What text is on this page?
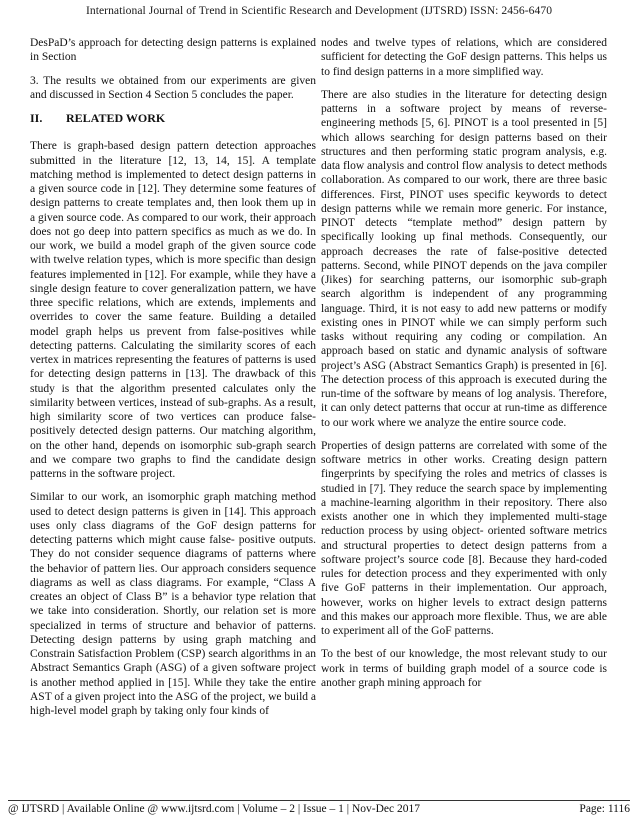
International Journal of Trend in Scientific Research and Development (IJTSRD) ISSN: 2456-6470

DesPaD’s approach for detecting design patterns is explained in Section

3. The results we obtained from our experiments are given and discussed in Section 4 Section 5 concludes the paper.

II.	RELATED WORK

There is graph-based design pattern detection approaches submitted in the literature [12, 13, 14, 15]. A template matching method is implemented to detect design patterns in a given source code in [12]. They determine some features of design patterns to create templates and, then look them up in a given source code. As compared to our work, their approach does not go deep into pattern specifics as much as we do. In our work, we build a model graph of the given source code with twelve relation types, which is more specific than design features implemented in [12]. For example, while they have a single design feature to cover generalization pattern, we have three specific relations, which are extends, implements and overrides to cover the same feature. Building a detailed model graph helps us prevent from false-positives while detecting patterns. Calculating the similarity scores of each vertex in matrices representing the features of patterns is used for detecting design patterns in [13]. The drawback of this study is that the algorithm presented calculates only the similarity between vertices, instead of sub-graphs. As a result, high similarity score of two vertices can produce false-positively detected design patterns. Our matching algorithm, on the other hand, depends on isomorphic sub-graph search and we compare two graphs to find the candidate design patterns in the software project.

Similar to our work, an isomorphic graph matching method used to detect design patterns is given in [14]. This approach uses only class diagrams of the GoF design patterns for detecting patterns which might cause false- positive outputs. They do not consider sequence diagrams of patterns where the behavior of pattern lies. Our approach considers sequence diagrams as well as class diagrams. For example, “Class A creates an object of Class B” is a behavior type relation that we take into consideration. Shortly, our relation set is more specialized in terms of structure and behavior of patterns. Detecting design patterns by using graph matching and Constrain Satisfaction Problem (CSP) search algorithms in an Abstract Semantics Graph (ASG) of a given software project is another method applied in [15]. While they take the entire AST of a given project into the ASG of the project, we build a high-level model graph by taking only four kinds of

nodes and twelve types of relations, which are considered sufficient for detecting the GoF design patterns. This helps us to find design patterns in a more simplified way.

There are also studies in the literature for detecting design patterns in a software project by means of reverse- engineering methods [5, 6]. PINOT is a tool presented in [5] which allows searching for design patterns based on their structures and then performing static program analysis, e.g. data flow analysis and control flow analysis to detect methods collaboration. As compared to our work, there are three basic differences. First, PINOT uses specific keywords to detect design patterns while we remain more generic. For instance, PINOT detects “template method” design pattern by specifically looking up final methods. Consequently, our approach decreases the rate of false-positive detected patterns. Second, while PINOT depends on the java compiler (Jikes) for searching patterns, our isomorphic sub-graph search algorithm is independent of any programming language. Third, it is not easy to add new patterns or modify existing ones in PINOT while we can simply perform such tasks without requiring any coding or compilation. An approach based on static and dynamic analysis of software project’s ASG (Abstract Semantics Graph) is presented in [6]. The detection process of this approach is executed during the run-time of the software by means of log analysis. Therefore, it can only detect patterns that occur at run-time as difference to our work where we analyze the entire source code.

Properties of design patterns are correlated with some of the software metrics in other works. Creating design pattern fingerprints by specifying the roles and metrics of classes is studied in [7]. They reduce the search space by implementing a machine-learning algorithm in their repository. There also exists another one in which they implemented multi-stage reduction process by using object- oriented software metrics and structural properties to detect design patterns from a software project’s source code [8]. Because they hard-coded rules for detection process and they experimented with only five GoF patterns in their implementation. Our approach, however, works on higher levels to extract design patterns and this makes our approach more flexible. Thus, we are able to experiment all of the GoF patterns.

To the best of our knowledge, the most relevant study to our work in terms of building graph model of a source code is another graph mining approach for

@ IJTSRD | Available Online @ www.ijtsrd.com | Volume – 2 | Issue – 1 | Nov-Dec 2017	Page: 1116
